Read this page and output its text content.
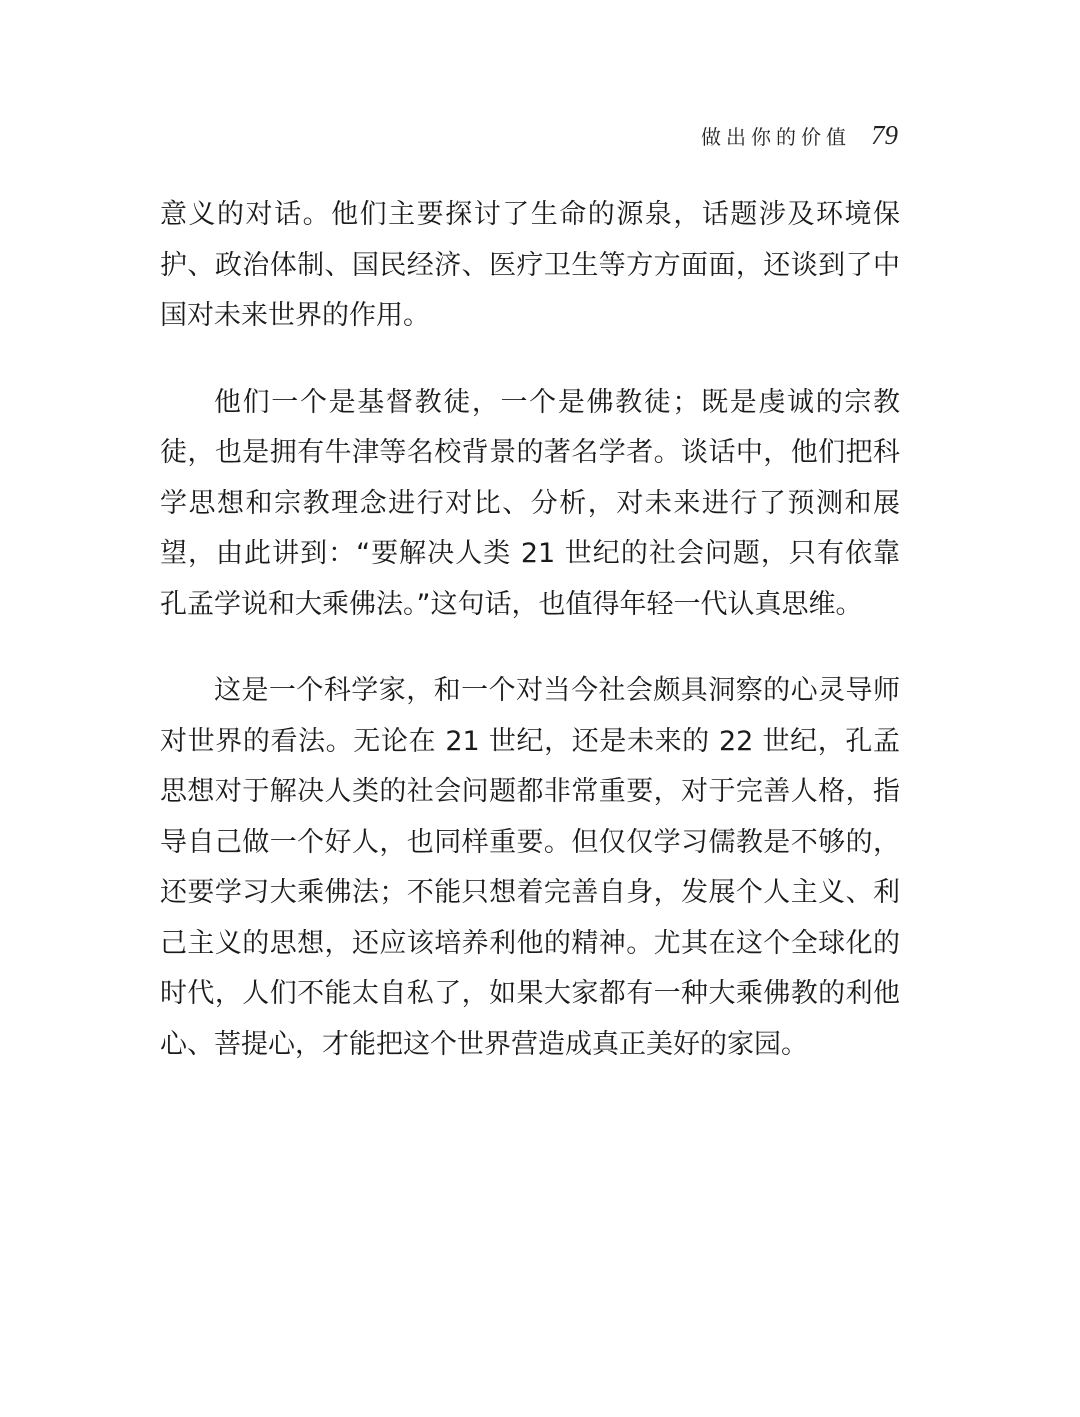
做出你的价值 79

意义的对话。他们主要探讨了生命的源泉，话题涉及环境保护、政治体制、国民经济、医疗卫生等方方面面，还谈到了中国对未来世界的作用。

他们一个是基督教徒，一个是佛教徒；既是虔诚的宗教徒，也是拥有牛津等名校背景的著名学者。谈话中，他们把科学思想和宗教理念进行对比、分析，对未来进行了预测和展望，由此讲到：“要解决人类 21 世纪的社会问题，只有依靠孔孟学说和大乘佛法。”这句话，也值得年轻一代认真思维。

这是一个科学家，和一个对当今社会颇具洞察的心灵导师对世界的看法。无论在 21 世纪，还是未来的 22 世纪，孔孟思想对于解决人类的社会问题都非常重要，对于完善人格，指导自己做一个好人，也同样重要。但仅仅学习儒教是不够的，还要学习大乘佛法；不能只想着完善自身，发展个人主义、利己主义的思想，还应该培养利他的精神。尤其在这个全球化的时代，人们不能太自私了，如果大家都有一种大乘佛教的利他心、菩提心，才能把这个世界营造成真正美好的家园。
